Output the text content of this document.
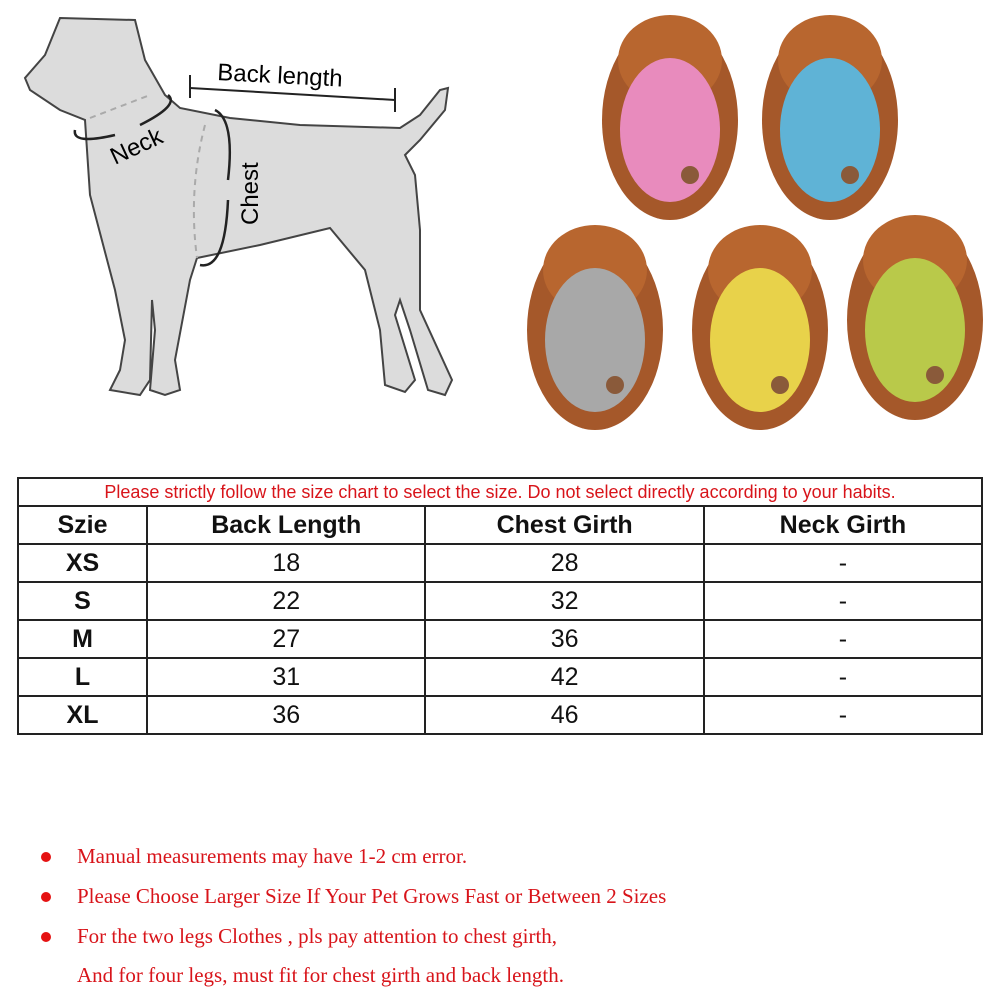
Back length
Neck
Chest
Please strictly follow the size chart to select the size. Do not select directly according to your habits.			
Szie	Back Length	Chest Girth	Neck Girth
XS	18	28	-
S	22	32	-
M	27	36	-
L	31	42	-
XL	36	46	-
Manual measurements may have 1-2 cm error.
Please Choose Larger Size If Your Pet Grows Fast or Between 2 Sizes
For the two legs Clothes , pls pay attention to chest girth,
And for four legs, must fit for chest girth and back length.
